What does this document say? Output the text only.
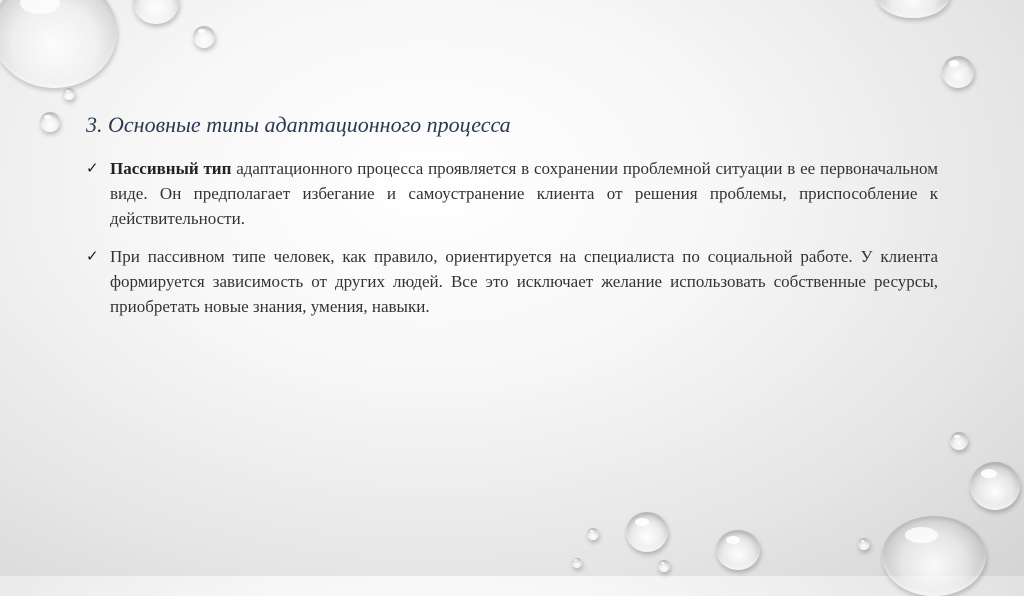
3. Основные типы адаптационного процесса
✓ Пассивный тип адаптационного процесса проявляется в сохранении проблемной ситуации в ее первоначальном виде. Он предполагает избегание и самоустранение клиента от решения проблемы, приспособление к действительности.

✓ При пассивном типе человек, как правило, ориентируется на специалиста по социальной работе. У клиента формируется зависимость от других людей. Все это исключает желание использовать собственные ресурсы, приобретать новые знания, умения, навыки.
